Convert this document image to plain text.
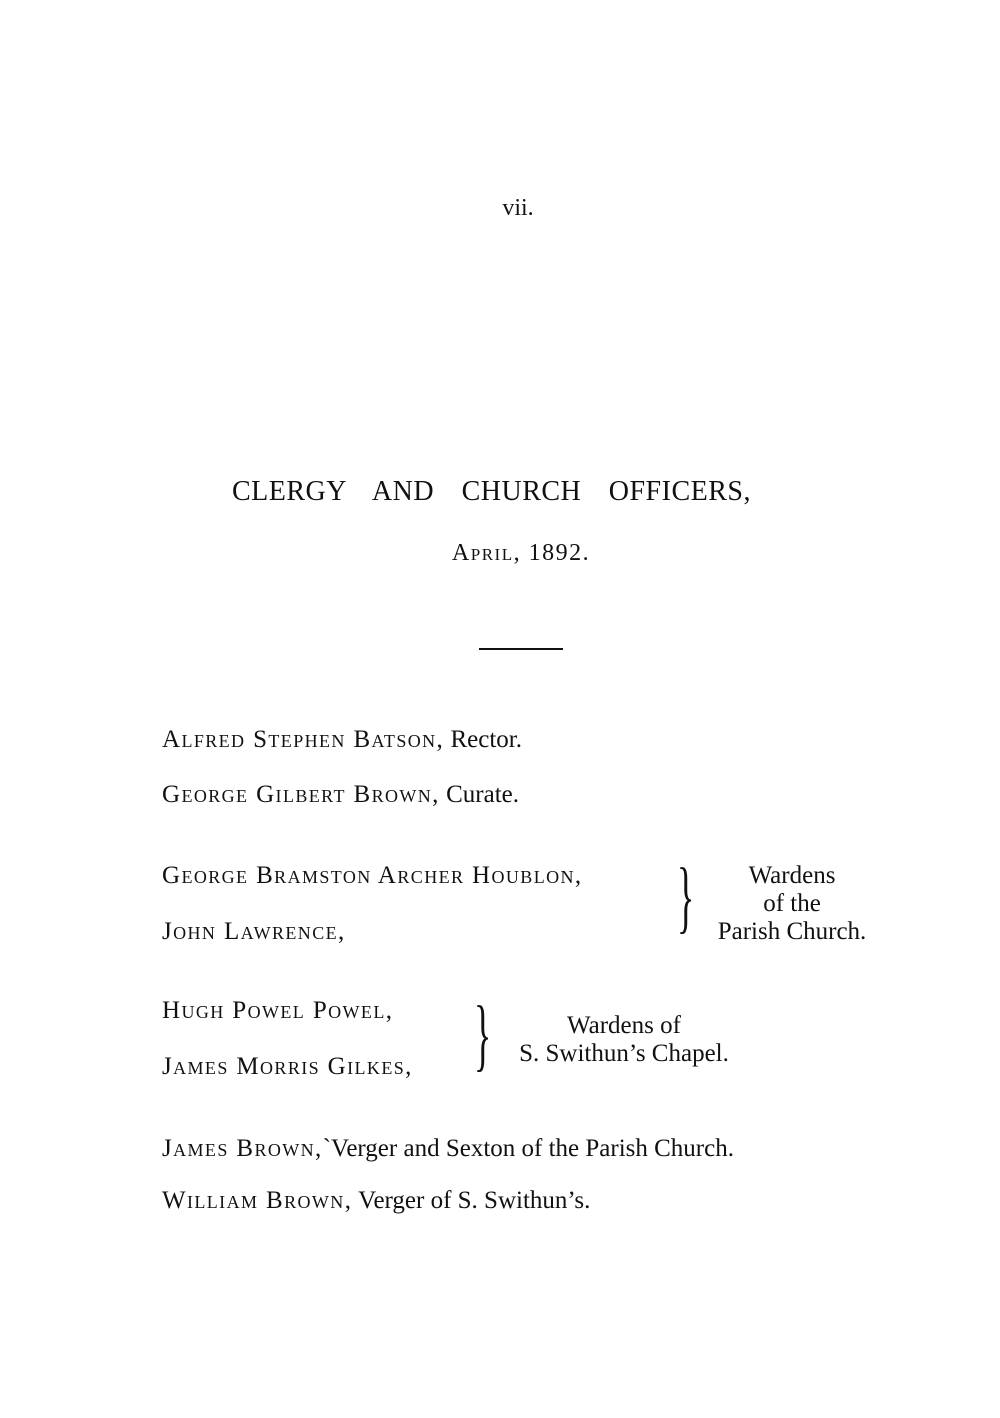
vii.
CLERGY AND CHURCH OFFICERS,
April, 1892.
Alfred Stephen Batson, Rector.
George Gilbert Brown, Curate.
George Bramston Archer Houblon,
John Lawrence,	}	Wardens
of the
Parish Church.
Hugh Powel Powel,
James Morris Gilkes, }	Wardens of
S. Swithun’s Chapel.
James Brown,`Verger and Sexton of the Parish Church.
William Brown, Verger of S. Swithun’s.
